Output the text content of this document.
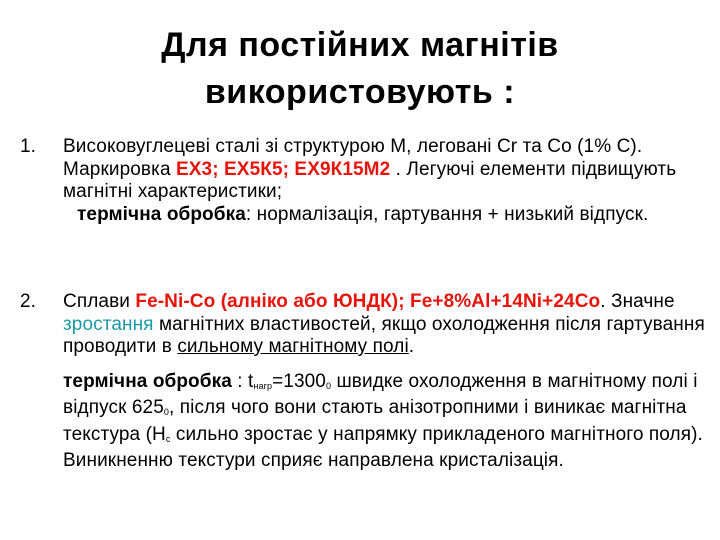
Для постійних магнітів
використовують :
1.	Високовуглецеві сталі зі структурою М, леговані Cr та Co (1% С). Маркировка ЕХ3; ЕХ5К5; ЕХ9К15М2 . Легуючі елементи підвищують магнітні характеристики;

термічна обробка: нормалізація, гартування + низький відпуск.

2.	Сплави Fe-Ni-Co (алніко або ЮНДК); Fe+8%Al+14Ni+24Co. Значне зростання магнітних властивостей, якщо охолодження після гартування проводити в сильному магнітному полі.

термічна обробка : $t_{нагр}=1300_0$ швидке охолодження в магнітному полі і відпуск $625_0$, після чого вони стають анізотропними і виникає магнітна текстура ($Н_с$ сильно зростає у напрямку прикладеного магнітного поля). Виникненню текстури сприяє направлена кристалізація.
